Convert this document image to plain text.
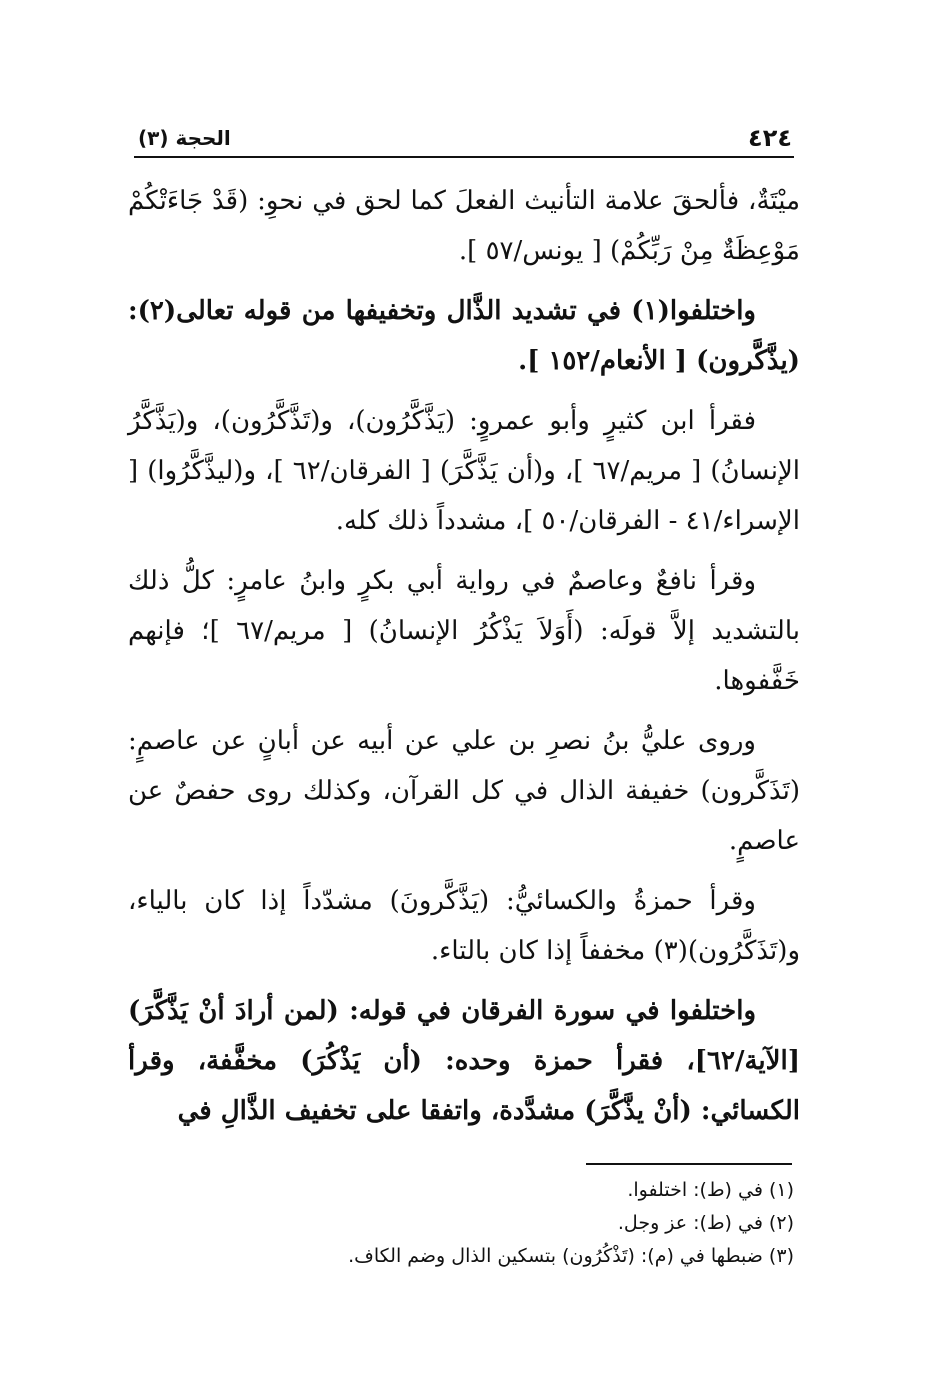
٤٢٤
الحجة (٣)

ميْتَةٌ، فألحقَ علامة التأنيث الفعلَ كما لحق في نحوِ: (قَدْ جَاءَتْكُمْ مَوْعِظَةٌ مِنْ رَبِّكُمْ) [ يونس/٥٧ ].

واختلفوا(١) في تشديد الذَّال وتخفيفها من قوله تعالى(٢): (يذَّكَّرون) [ الأنعام/١٥٢ ].

فقرأ ابن كثيرٍ وأبو عمروٍ: (يَذَّكَّرُون)، و(تَذَّكَّرُون)، و(يَذَّكَّرُ الإنسانُ) [ مريم/٦٧ ]، و(أن يَذَّكَّرَ) [ الفرقان/٦٢ ]، و(ليذَّكَّرُوا) [ الإسراء/٤١ - الفرقان/٥٠ ]، مشدداً ذلك كله.

وقرأ نافعٌ وعاصمٌ في رواية أبي بكرٍ وابنُ عامرٍ: كلُّ ذلك بالتشديد إلاَّ قولَه: (أَوَلاَ يَذْكُرُ الإنسانُ) [ مريم/٦٧ ]؛ فإنهم خَفَّفوها.

وروى عليُّ بنُ نصرِ بن علي عن أبيه عن أبانٍ عن عاصمٍ: (تَذَكَّرون) خفيفة الذال في كل القرآن، وكذلك روى حفصٌ عن عاصمٍ.

وقرأ حمزةُ والكسائيُّ: (يَذَّكَّرونَ) مشدّداً إذا كان بالياء، و(تَذَكَّرُون)(٣) مخففاً إذا كان بالتاء.

واختلفوا في سورة الفرقان في قوله: (لمن أرادَ أنْ يَذَّكَّرَ) [الآية/٦٢]، فقرأ حمزة وحده: (أن يَذْكُرَ) مخفَّفة، وقرأ الكسائي: (أنْ يذَّكَّرَ) مشدَّدة، واتفقا على تخفيف الذَّالِ في

(١) في (ط): اختلفوا.
(٢) في (ط): عز وجل.
(٣) ضبطها في (م): (تَذْكُرُون) بتسكين الذال وضم الكاف.
